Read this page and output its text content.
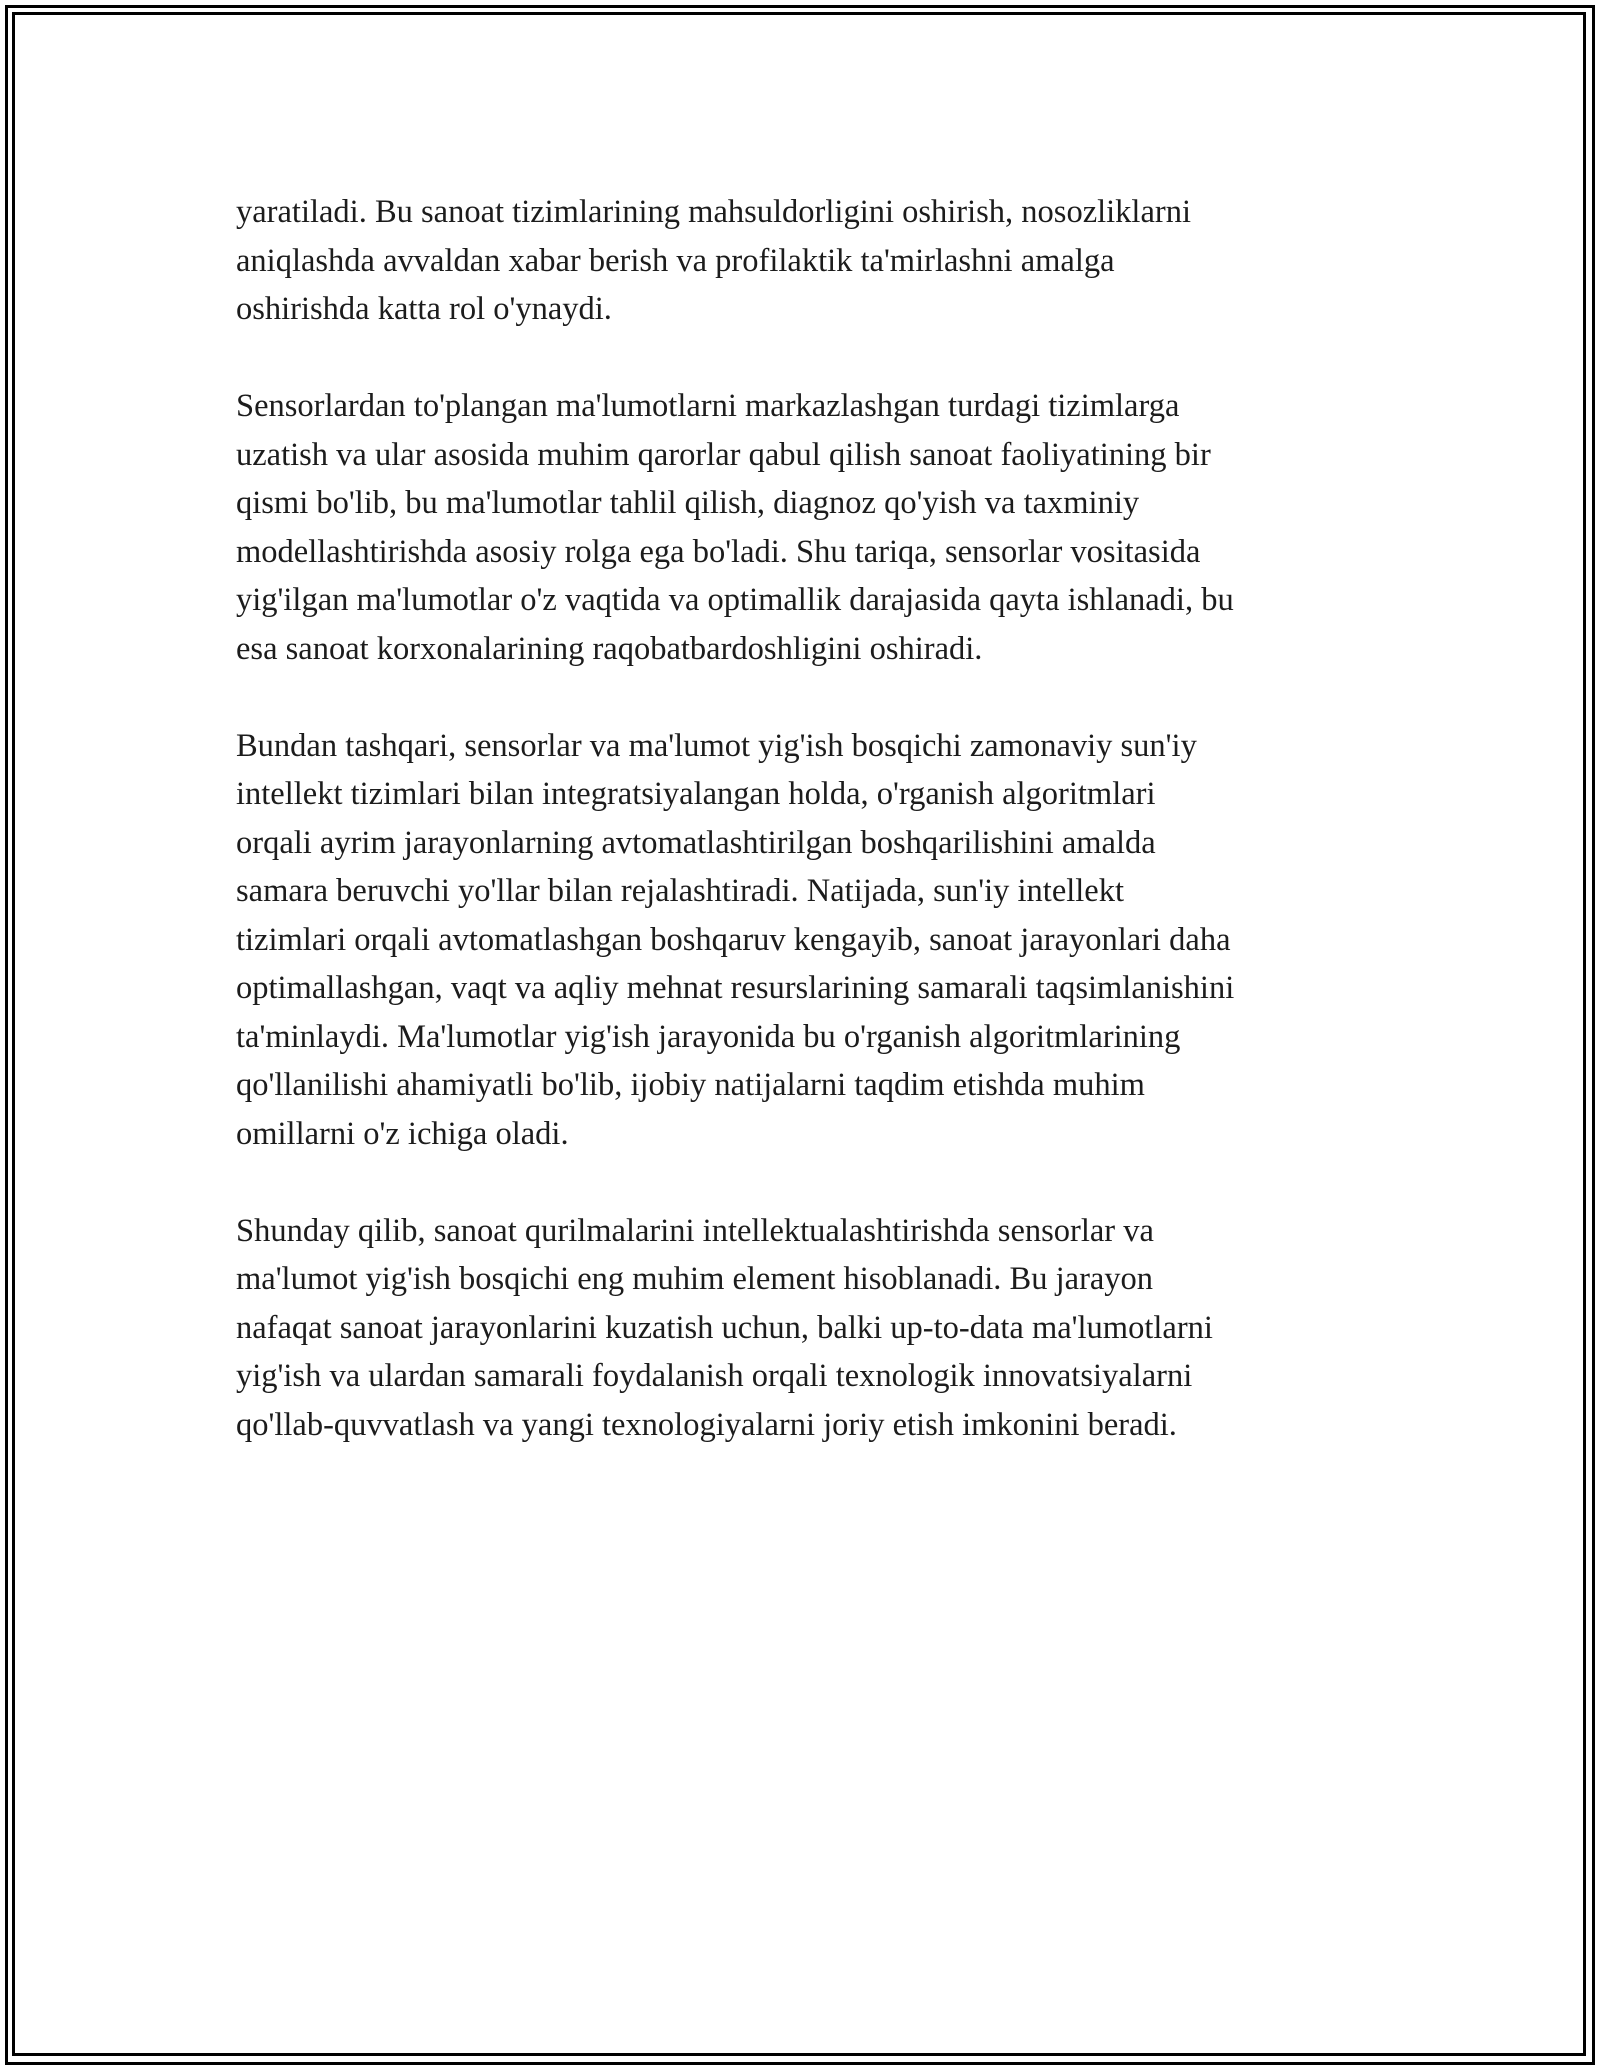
yaratiladi. Bu sanoat tizimlarining mahsuldorligini oshirish, nosozliklarni
aniqlashda avvaldan xabar berish va profilaktik ta'mirlashni amalga
oshirishda katta rol o'ynaydi.

Sensorlardan to'plangan ma'lumotlarni markazlashgan turdagi tizimlarga
uzatish va ular asosida muhim qarorlar qabul qilish sanoat faoliyatining bir
qismi bo'lib, bu ma'lumotlar tahlil qilish, diagnoz qo'yish va taxminiy
modellashtirishda asosiy rolga ega bo'ladi. Shu tariqa, sensorlar vositasida
yig'ilgan ma'lumotlar o'z vaqtida va optimallik darajasida qayta ishlanadi, bu
esa sanoat korxonalarining raqobatbardoshligini oshiradi.

Bundan tashqari, sensorlar va ma'lumot yig'ish bosqichi zamonaviy sun'iy
intellekt tizimlari bilan integratsiyalangan holda, o'rganish algoritmlari
orqali ayrim jarayonlarning avtomatlashtirilgan boshqarilishini amalda
samara beruvchi yo'llar bilan rejalashtiradi. Natijada, sun'iy intellekt
tizimlari orqali avtomatlashgan boshqaruv kengayib, sanoat jarayonlari daha
optimallashgan, vaqt va aqliy mehnat resurslarining samarali taqsimlanishini
ta'minlaydi. Ma'lumotlar yig'ish jarayonida bu o'rganish algoritmlarining
qo'llanilishi ahamiyatli bo'lib, ijobiy natijalarni taqdim etishda muhim
omillarni o'z ichiga oladi.

Shunday qilib, sanoat qurilmalarini intellektualashtirishda sensorlar va
ma'lumot yig'ish bosqichi eng muhim element hisoblanadi. Bu jarayon
nafaqat sanoat jarayonlarini kuzatish uchun, balki up-to-data ma'lumotlarni
yig'ish va ulardan samarali foydalanish orqali texnologik innovatsiyalarni
qo'llab-quvvatlash va yangi texnologiyalarni joriy etish imkonini beradi.
